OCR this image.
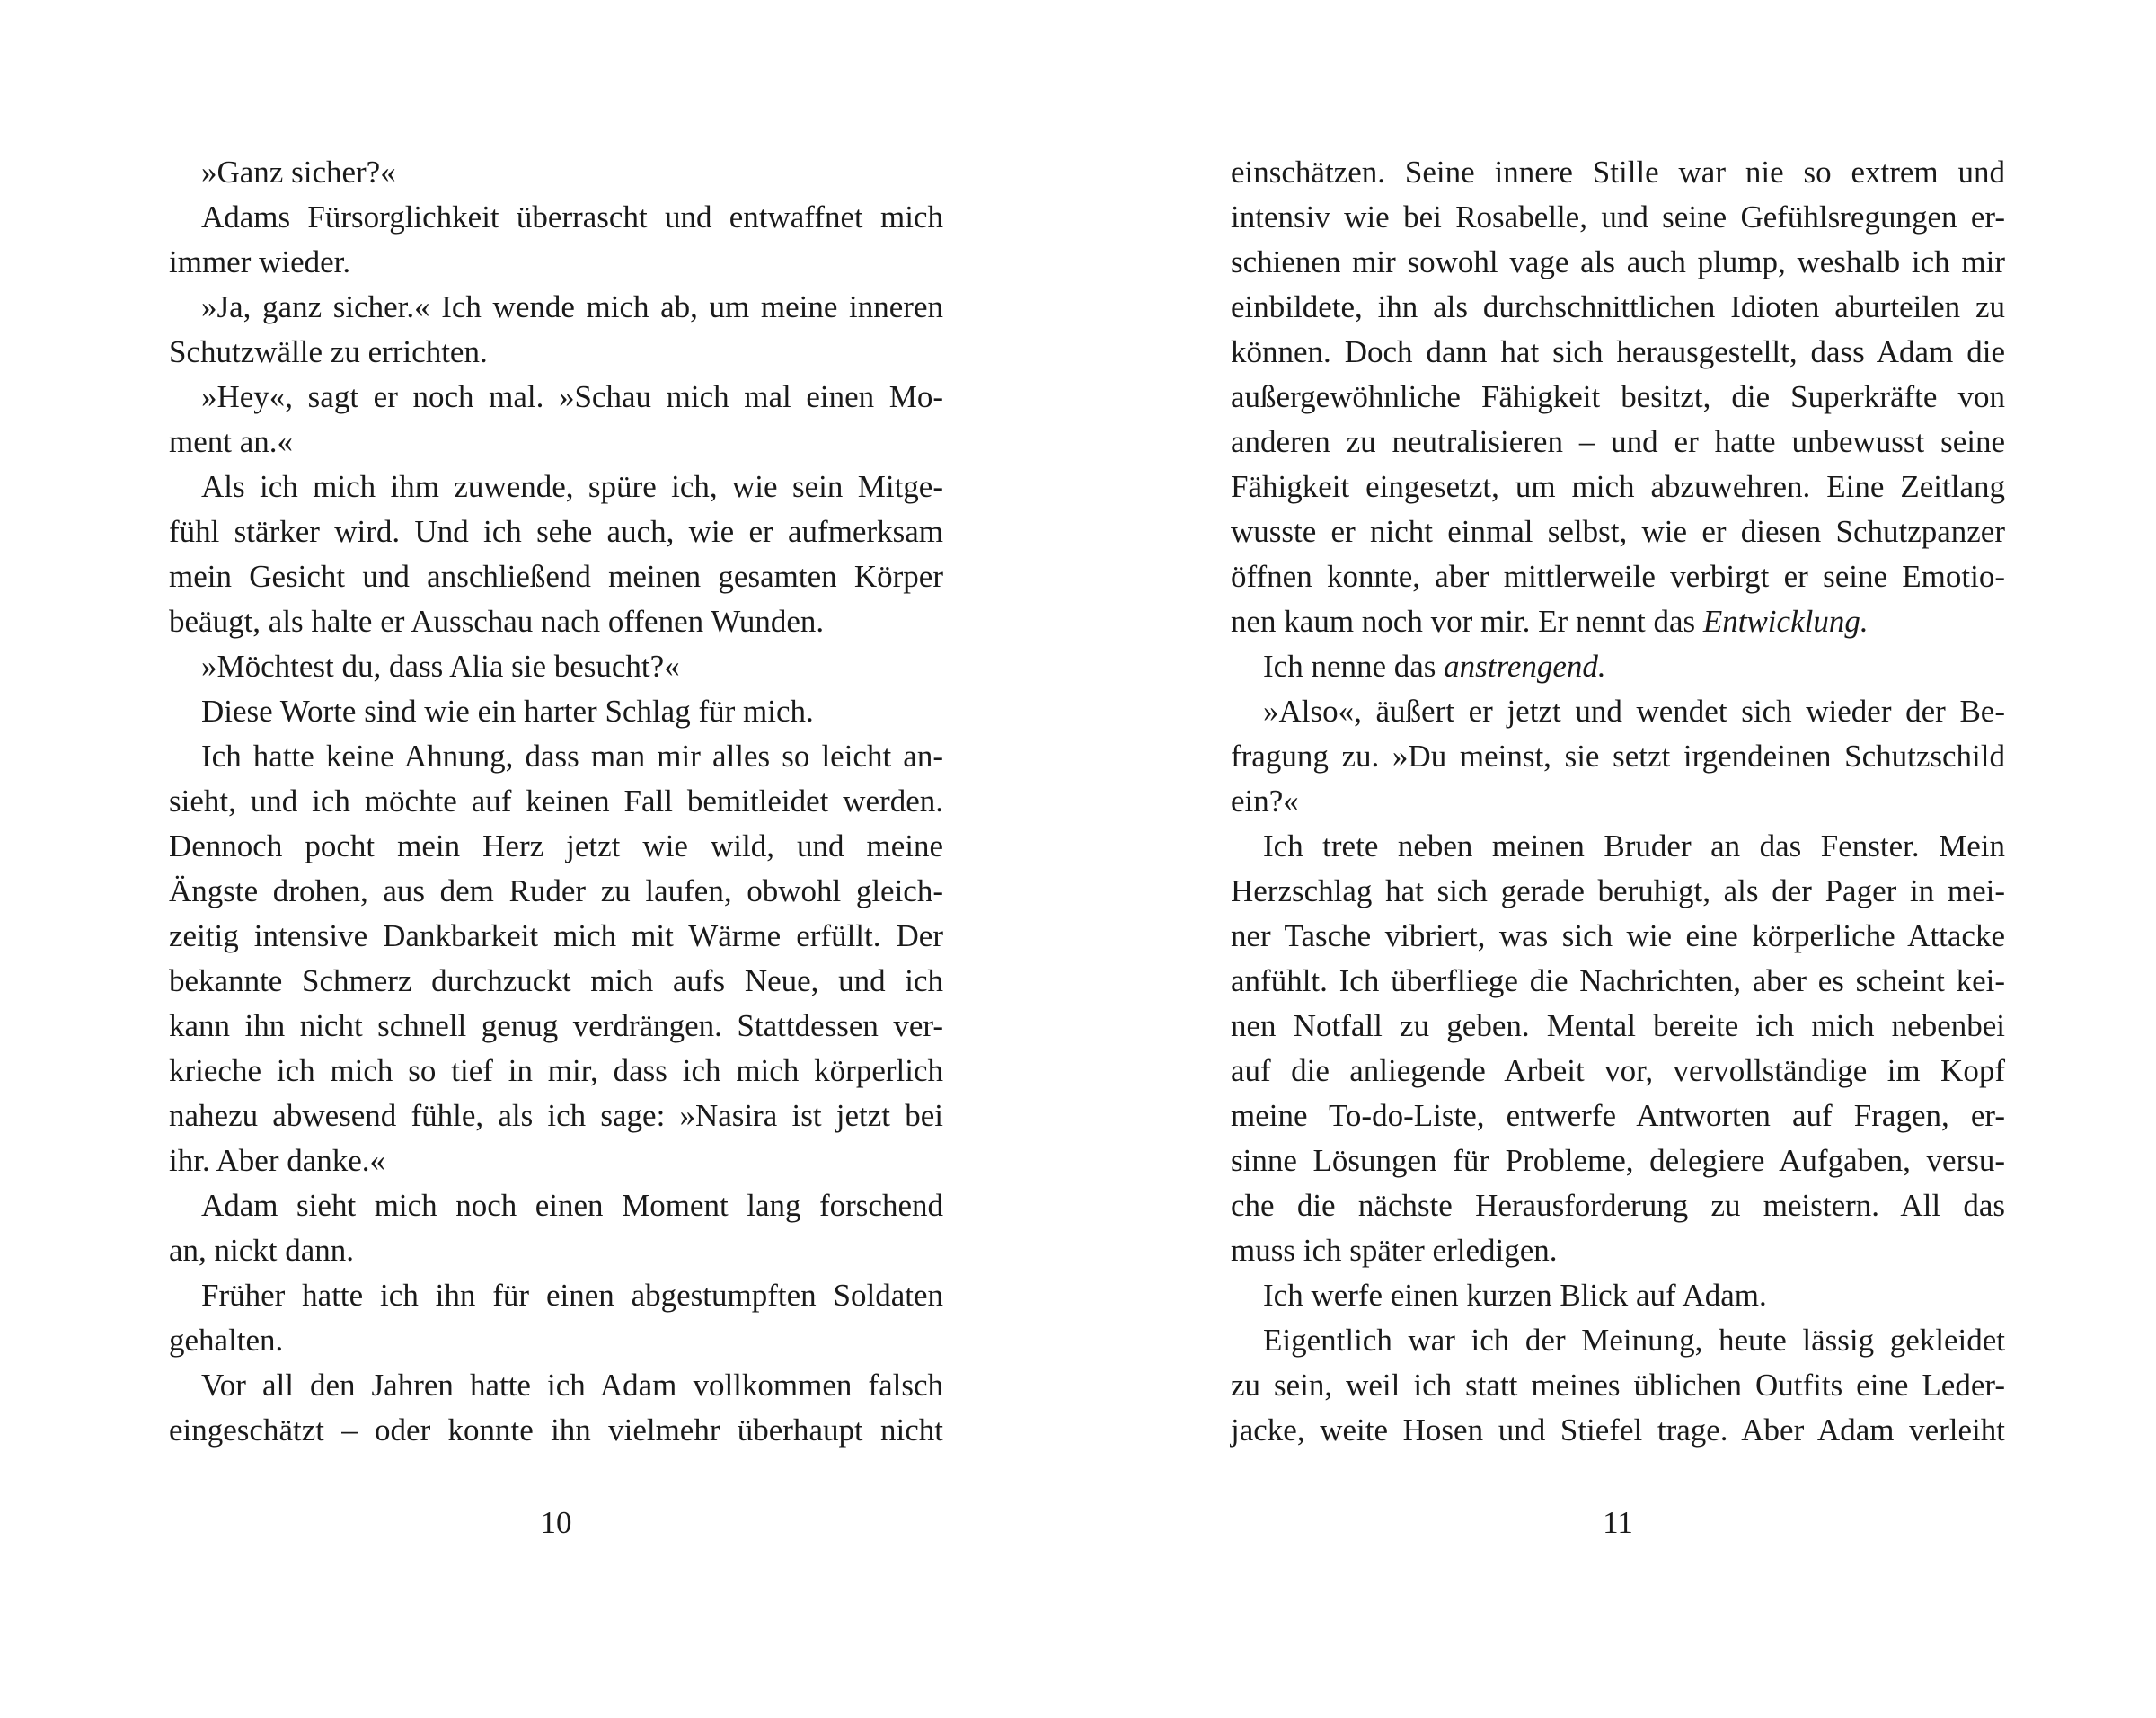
»Ganz sicher?«
Adams Fürsorglichkeit überrascht und entwaffnet mich
immer wieder.
»Ja, ganz sicher.« Ich wende mich ab, um meine inneren
Schutzwälle zu errichten.
»Hey«, sagt er noch mal. »Schau mich mal einen Mo-
ment an.«
Als ich mich ihm zuwende, spüre ich, wie sein Mitge-
fühl stärker wird. Und ich sehe auch, wie er aufmerksam
mein Gesicht und anschließend meinen gesamten Körper
beäugt, als halte er Ausschau nach offenen Wunden.
»Möchtest du, dass Alia sie besucht?«
Diese Worte sind wie ein harter Schlag für mich.
Ich hatte keine Ahnung, dass man mir alles so leicht an-
sieht, und ich möchte auf keinen Fall bemitleidet werden.
Dennoch pocht mein Herz jetzt wie wild, und meine
Ängste drohen, aus dem Ruder zu laufen, obwohl gleich-
zeitig intensive Dankbarkeit mich mit Wärme erfüllt. Der
bekannte Schmerz durchzuckt mich aufs Neue, und ich
kann ihn nicht schnell genug verdrängen. Stattdessen ver-
krieche ich mich so tief in mir, dass ich mich körperlich
nahezu abwesend fühle, als ich sage: »Nasira ist jetzt bei
ihr. Aber danke.«
Adam sieht mich noch einen Moment lang forschend
an, nickt dann.
Früher hatte ich ihn für einen abgestumpften Soldaten
gehalten.
Vor all den Jahren hatte ich Adam vollkommen falsch
eingeschätzt – oder konnte ihn vielmehr überhaupt nicht
10
einschätzen. Seine innere Stille war nie so extrem und
intensiv wie bei Rosabelle, und seine Gefühlsregungen er-
schienen mir sowohl vage als auch plump, weshalb ich mir
einbildete, ihn als durchschnittlichen Idioten aburteilen zu
können. Doch dann hat sich herausgestellt, dass Adam die
außergewöhnliche Fähigkeit besitzt, die Superkräfte von
anderen zu neutralisieren – und er hatte unbewusst seine
Fähigkeit eingesetzt, um mich abzuwehren. Eine Zeitlang
wusste er nicht einmal selbst, wie er diesen Schutzpanzer
öffnen konnte, aber mittlerweile verbirgt er seine Emotio-
nen kaum noch vor mir. Er nennt das Entwicklung.
Ich nenne das anstrengend.
»Also«, äußert er jetzt und wendet sich wieder der Be-
fragung zu. »Du meinst, sie setzt irgendeinen Schutzschild
ein?«
Ich trete neben meinen Bruder an das Fenster. Mein
Herzschlag hat sich gerade beruhigt, als der Pager in mei-
ner Tasche vibriert, was sich wie eine körperliche Attacke
anfühlt. Ich überfliege die Nachrichten, aber es scheint kei-
nen Notfall zu geben. Mental bereite ich mich nebenbei
auf die anliegende Arbeit vor, vervollständige im Kopf
meine To-do-Liste, entwerfe Antworten auf Fragen, er-
sinne Lösungen für Probleme, delegiere Aufgaben, versu-
che die nächste Herausforderung zu meistern. All das
muss ich später erledigen.
Ich werfe einen kurzen Blick auf Adam.
Eigentlich war ich der Meinung, heute lässig gekleidet
zu sein, weil ich statt meines üblichen Outfits eine Leder-
jacke, weite Hosen und Stiefel trage. Aber Adam verleiht
11
